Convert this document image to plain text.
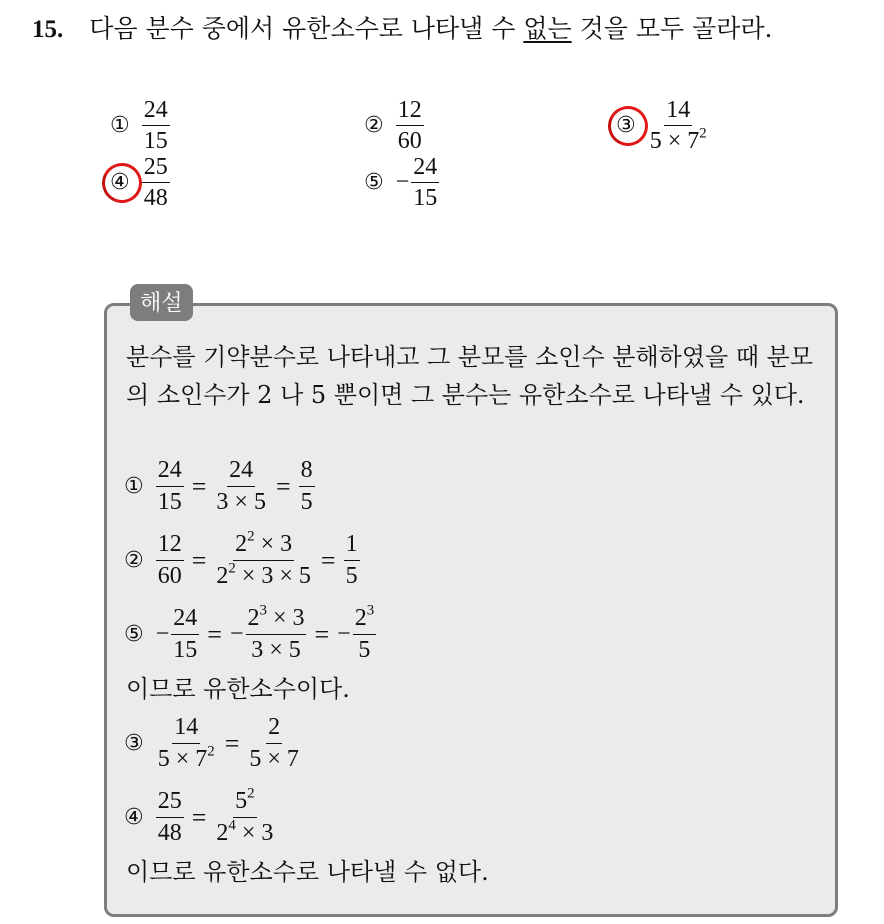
15. 다음 분수 중에서 유한소수로 나타낼 수 없는 것을 모두 골라라.
① $\frac{24}{15}$	② $\frac{12}{60}$	③ $\frac{14}{5 \times 7^2}$
④ $\frac{25}{48}$	⑤ − $\frac{24}{15}$
해설

분수를 기약분수로 나타내고 그 분모를 소인수 분해하였을 때 분모의 소인수가 2 나 5 뿐이면 그 분수는 유한소수로 나타낼 수 있다.

① $\frac{24}{15} = \frac{24}{3 \times 5} = \frac{8}{5}$
② $\frac{12}{60} = \frac{2^2 \times 3}{2^2 \times 3 \times 5} = \frac{1}{5}$
⑤ − $\frac{24}{15}$ = − $\frac{2^3 \times 3}{3 \times 5}$ = − $\frac{2^3}{5}$
이므로 유한소수이다.
③ $\frac{14}{5 \times 7^2} = \frac{2}{5 \times 7}$
④ $\frac{25}{48} = \frac{5^2}{2^4 \times 3}$
이므로 유한소수로 나타낼 수 없다.
